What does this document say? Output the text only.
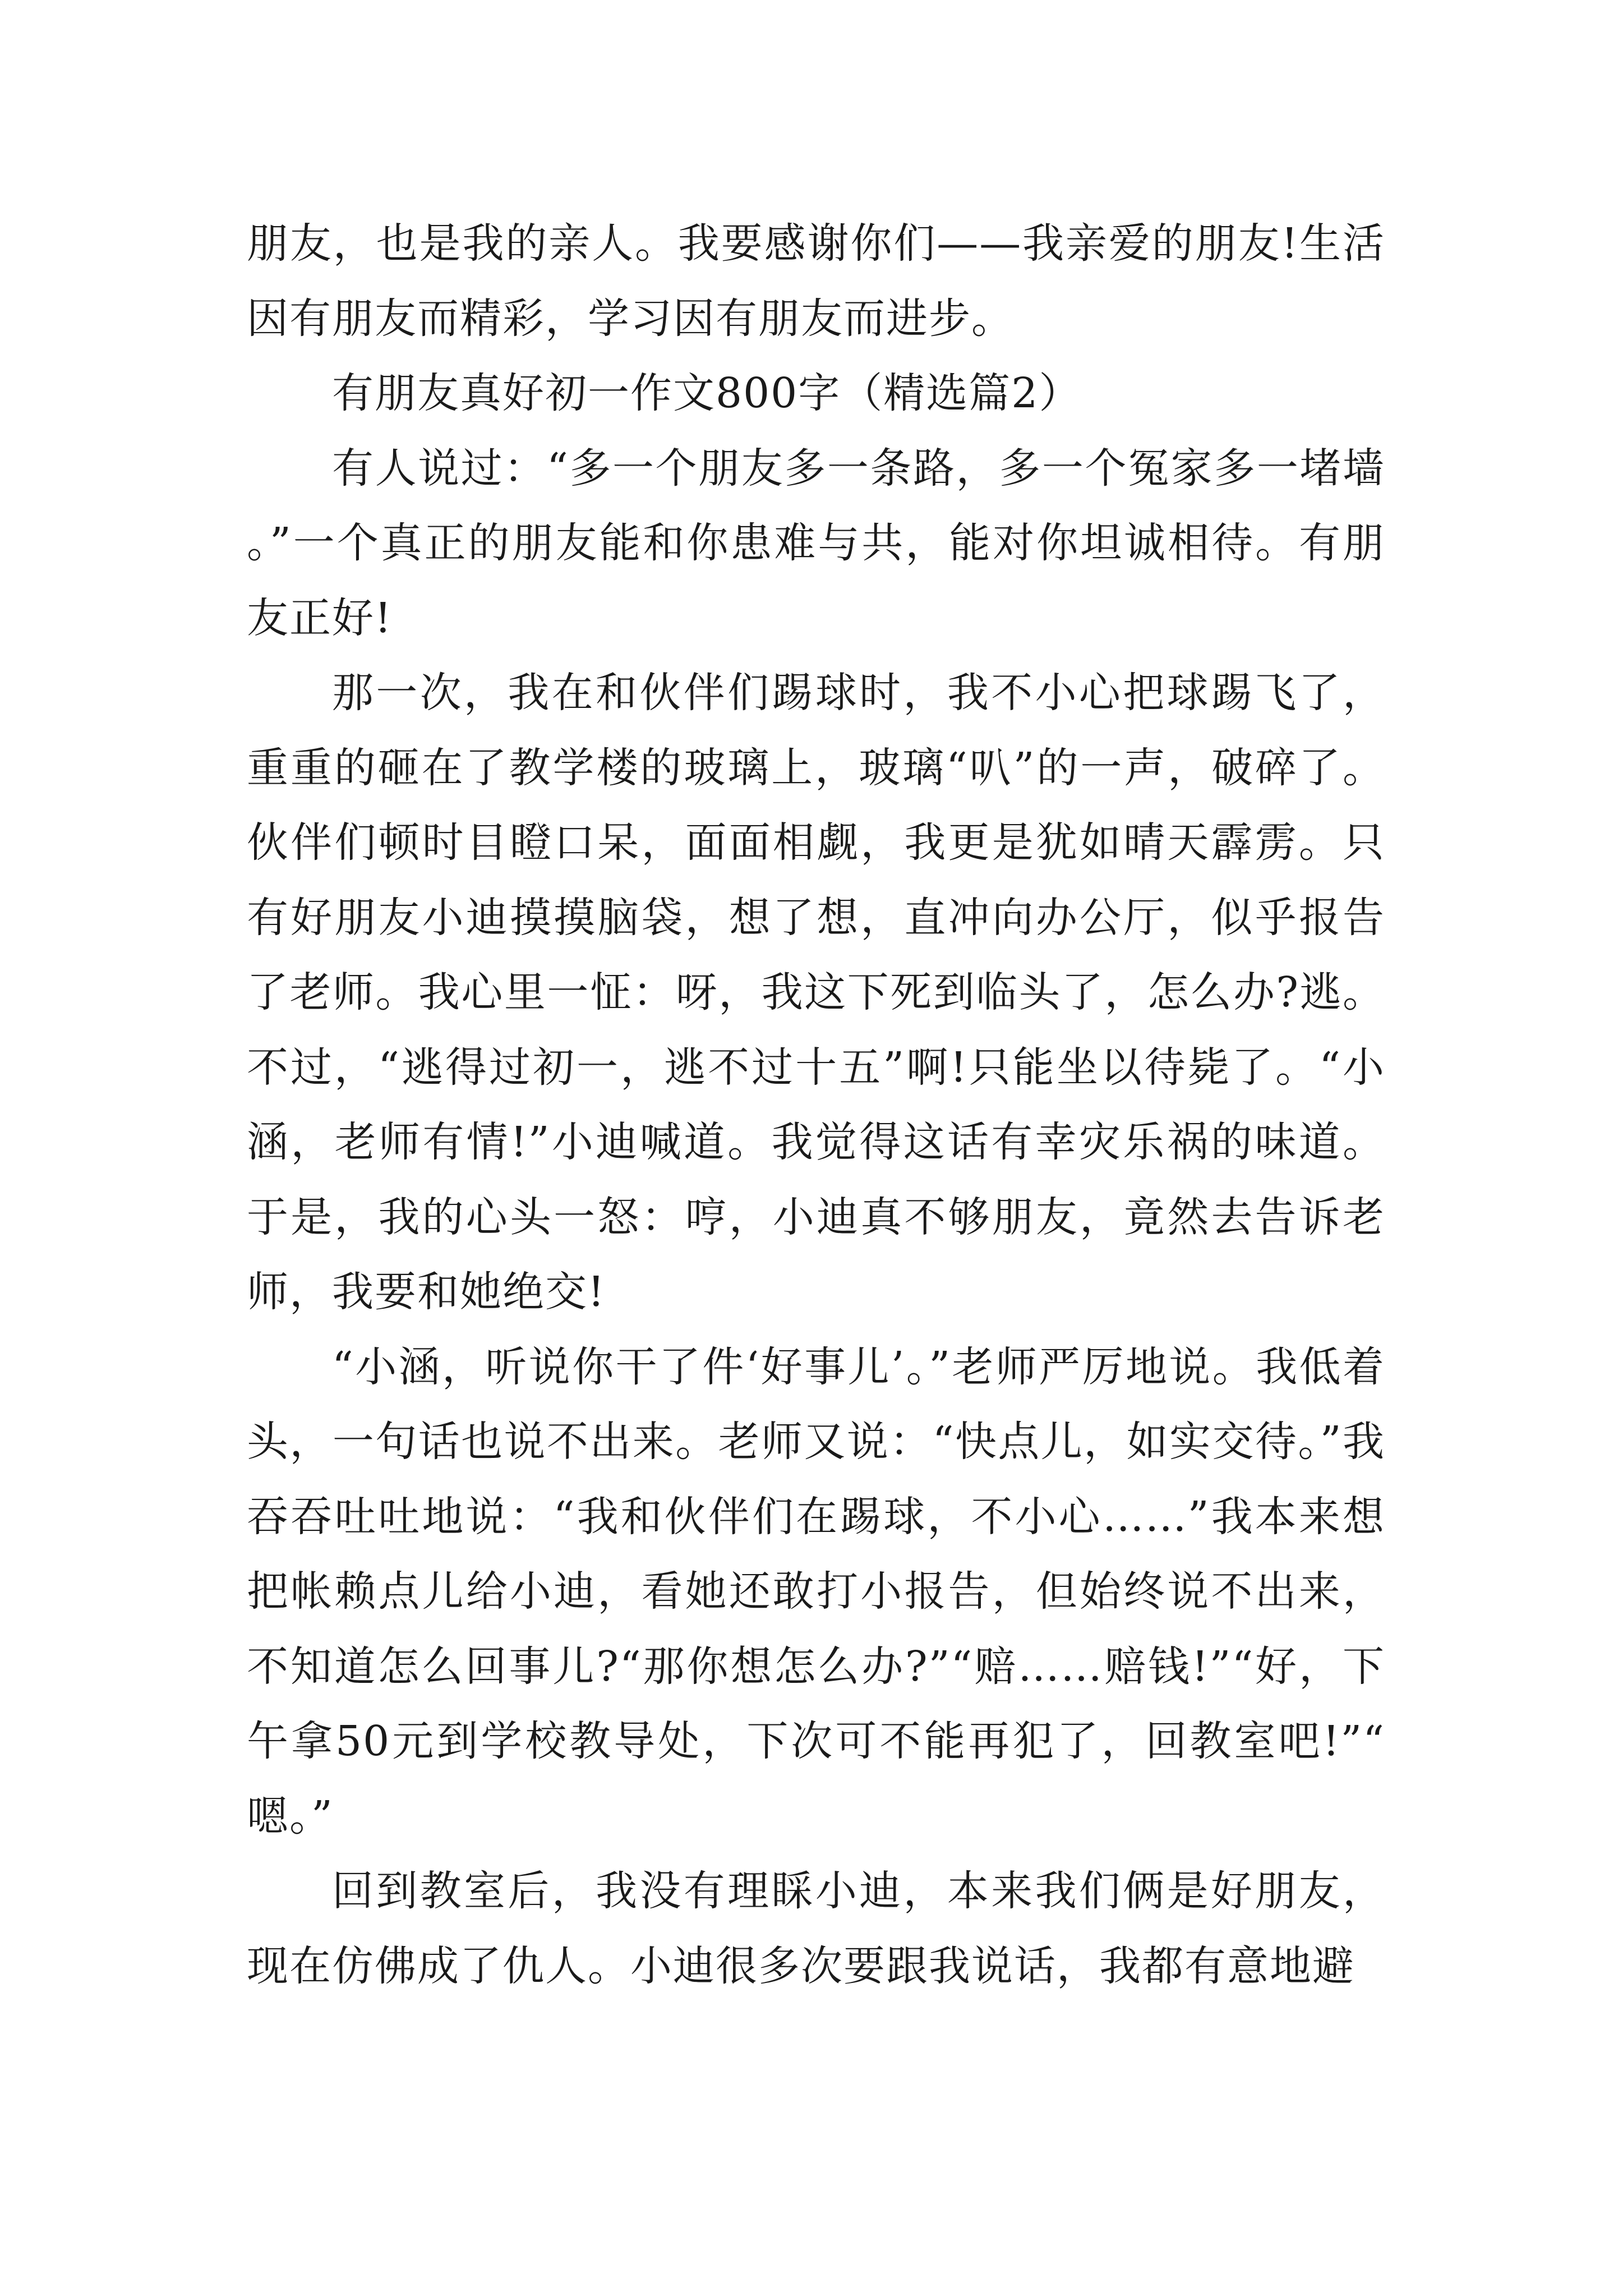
朋友，也是我的亲人。我要感谢你们——我亲爱的朋友!生活因有朋友而精彩，学习因有朋友而进步。

有朋友真好初一作文800字（精选篇2）

有人说过：“多一个朋友多一条路，多一个冤家多一堵墙。”一个真正的朋友能和你患难与共，能对你坦诚相待。有朋友正好!

那一次，我在和伙伴们踢球时，我不小心把球踢飞了，重重的砸在了教学楼的玻璃上，玻璃“叭”的一声，破碎了。伙伴们顿时目瞪口呆，面面相觑，我更是犹如晴天霹雳。只有好朋友小迪摸摸脑袋，想了想，直冲向办公厅，似乎报告了老师。我心里一怔：呀，我这下死到临头了，怎么办?逃。不过，“逃得过初一，逃不过十五”啊!只能坐以待毙了。“小涵，老师有情!”小迪喊道。我觉得这话有幸灾乐祸的味道。于是，我的心头一怒：哼，小迪真不够朋友，竟然去告诉老师，我要和她绝交!

“小涵，听说你干了件‘好事儿’。”老师严厉地说。我低着头，一句话也说不出来。老师又说：“快点儿，如实交待。”我吞吞吐吐地说：“我和伙伴们在踢球，不小心……”我本来想把帐赖点儿给小迪，看她还敢打小报告，但始终说不出来，不知道怎么回事儿?“那你想怎么办?”“赔……赔钱!”“好，下午拿50元到学校教导处，下次可不能再犯了，回教室吧!”“嗯。”

回到教室后，我没有理睬小迪，本来我们俩是好朋友，现在仿佛成了仇人。小迪很多次要跟我说话，我都有意地避
